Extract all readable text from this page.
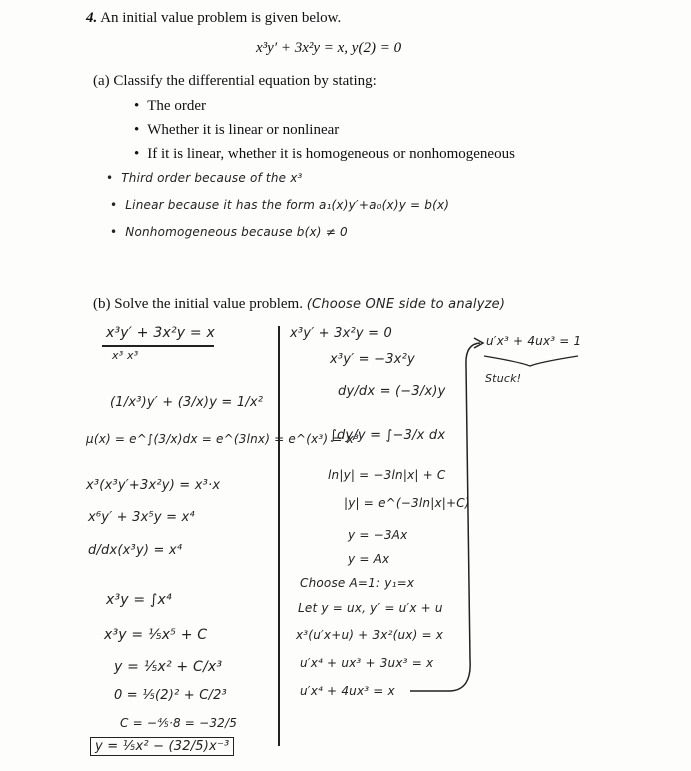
4. An initial value problem is given below.
x³y′ + 3x²y = x, y(2) = 0
(a) Classify the differential equation by stating:
• The order
• Whether it is linear or nonlinear
• If it is linear, whether it is homogeneous or nonhomogeneous
• Third order because of the x³
• Linear because it has the form a₁(x)y′+a₀(x)y = b(x)
• Nonhomogeneous because b(x) ≠ 0
(b) Solve the initial value problem. (Choose ONE side to analyze)
x³y′ + 3x²y = x
x³ x³
(1/x³)y′ + (3/x)y = 1/x²
μ(x) = e^∫(3/x)dx = e^(3lnx) = e^(x³) = x³
x³(x³y′+3x²y) = x³·x
x⁶y′ + 3x⁵y = x⁴
d/dx(x³y) = x⁴
x³y = ∫x⁴
x³y = ⅕x⁵ + C
y = ⅕x² + C/x³
0 = ⅕(2)² + C/2³
C = −⅘·8 = −32/5
y = ⅕x² − (32/5)x⁻³
x³y′ + 3x²y = 0
x³y′ = −3x²y
dy/dx = (−3/x)y
∫dy/y = ∫−3/x dx
ln|y| = −3ln|x| + C
|y| = e^(−3ln|x|+C)
y = −3Ax
y = Ax
Choose A=1: y₁=x
Let y = ux, y′ = u′x + u
x³(u′x+u) + 3x²(ux) = x
u′x⁴ + ux³ + 3ux³ = x
u′x⁴ + 4ux³ = x
u′x³ + 4ux³ = 1
Stuck!
